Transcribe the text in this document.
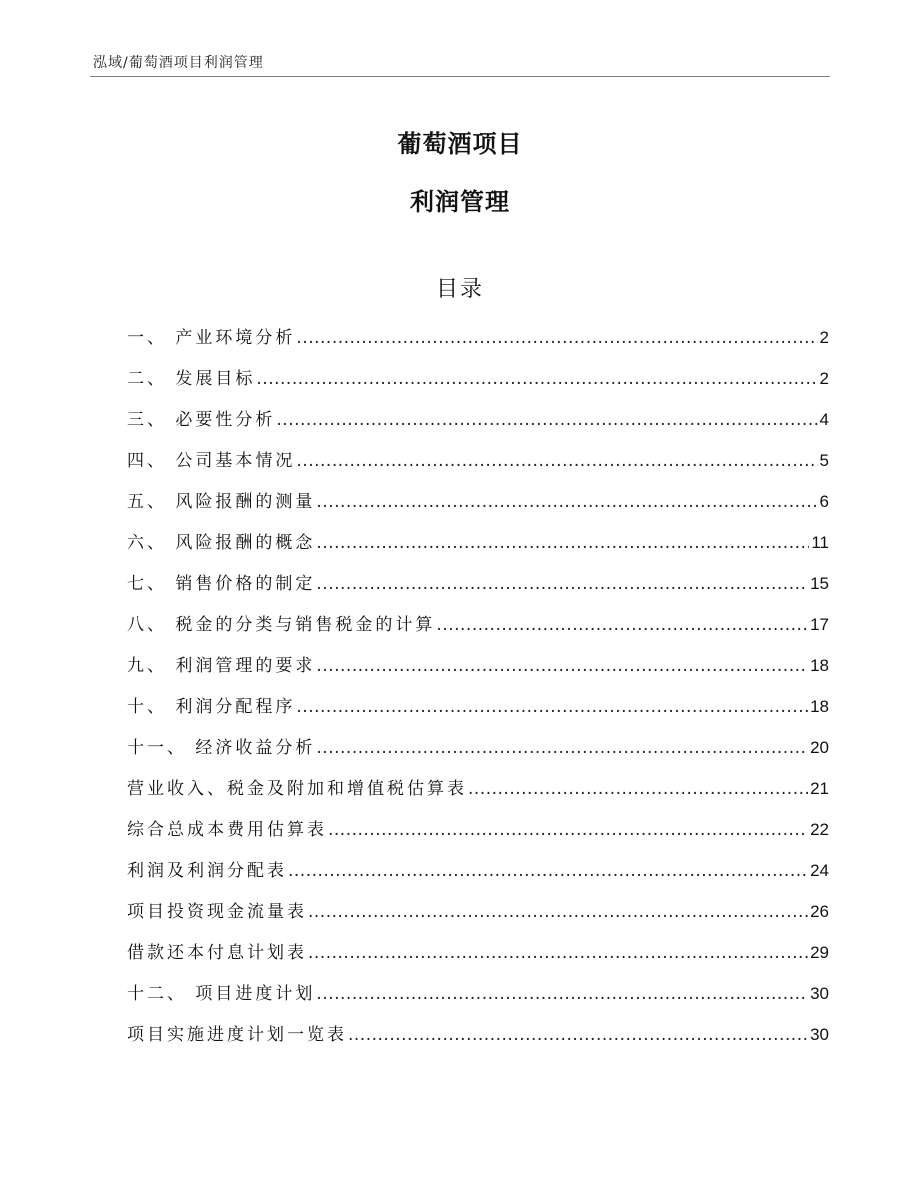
泓域/葡萄酒项目利润管理
葡萄酒项目
利润管理
目录
一、 产业环境分析 .....	2
二、 发展目标 .....	2
三、 必要性分析 .....	4
四、 公司基本情况 .....	5
五、 风险报酬的测量 .....	6
六、 风险报酬的概念 .....	11
七、 销售价格的制定 .....	15
八、 税金的分类与销售税金的计算 .....	17
九、 利润管理的要求 .....	18
十、 利润分配程序 .....	18
十一、 经济收益分析 .....	20
营业收入、税金及附加和增值税估算表 .....	21
综合总成本费用估算表 .....	22
利润及利润分配表 .....	24
项目投资现金流量表 .....	26
借款还本付息计划表 .....	29
十二、 项目进度计划 .....	30
项目实施进度计划一览表 .....	30
